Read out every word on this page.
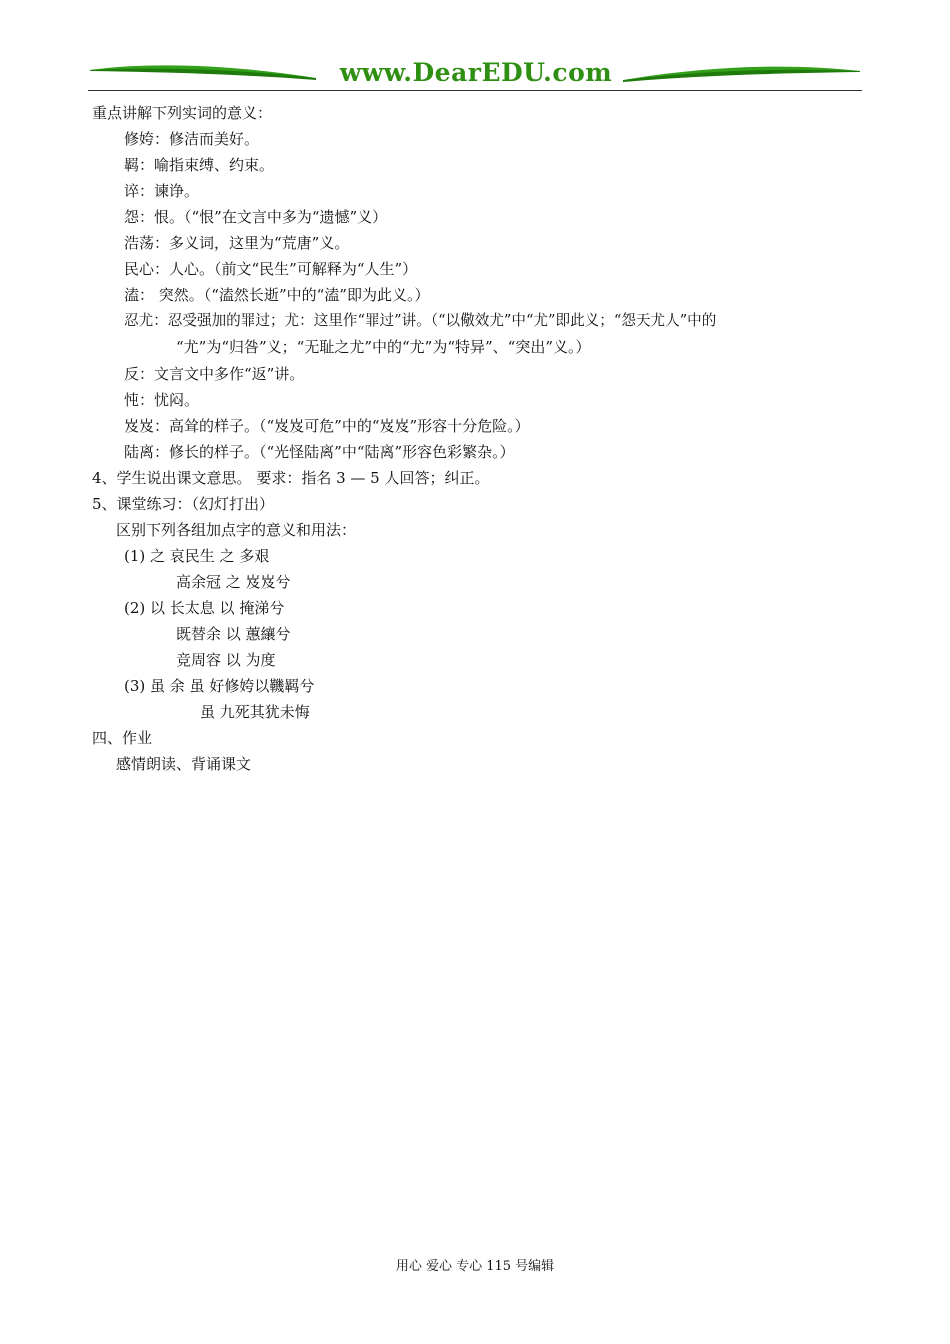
www.DearEDU.com
重点讲解下列实词的意义：
修姱：修洁而美好。
羁：喻指束缚、约束。
谇：谏诤。
怨：恨。（“恨”在文言中多为“遗憾”义）
浩荡：多义词，这里为“荒唐”义。
民心：人心。（前文“民生”可解释为“人生”）
溘： 突然。（“溘然长逝”中的“溘”即为此义。）
忍尤：忍受强加的罪过；尤：这里作“罪过”讲。（“以儆效尤”中“尤”即此义；“怨天尤人”中的
“尤”为“归咎”义；“无耻之尤”中的“尤”为“特异”、“突出”义。）
反：文言文中多作“返”讲。
忳：忧闷。
岌岌：高耸的样子。（“岌岌可危”中的“岌岌”形容十分危险。）
陆离：修长的样子。（“光怪陆离”中“陆离”形容色彩繁杂。）
4、学生说出课文意思。 要求：指名 3 — 5 人回答；纠正。
5、课堂练习：（幻灯打出）
区别下列各组加点字的意义和用法：
(1) 之 哀民生 之 多艰
高余冠 之 岌岌兮
(2) 以 长太息 以 掩涕兮
既替余 以 蕙纕兮
竞周容 以 为度
(3) 虽 余 虽 好修姱以鞿羁兮
虽 九死其犹未悔
四、作业
感情朗读、背诵课文
用心 爱心 专心 115 号编辑
